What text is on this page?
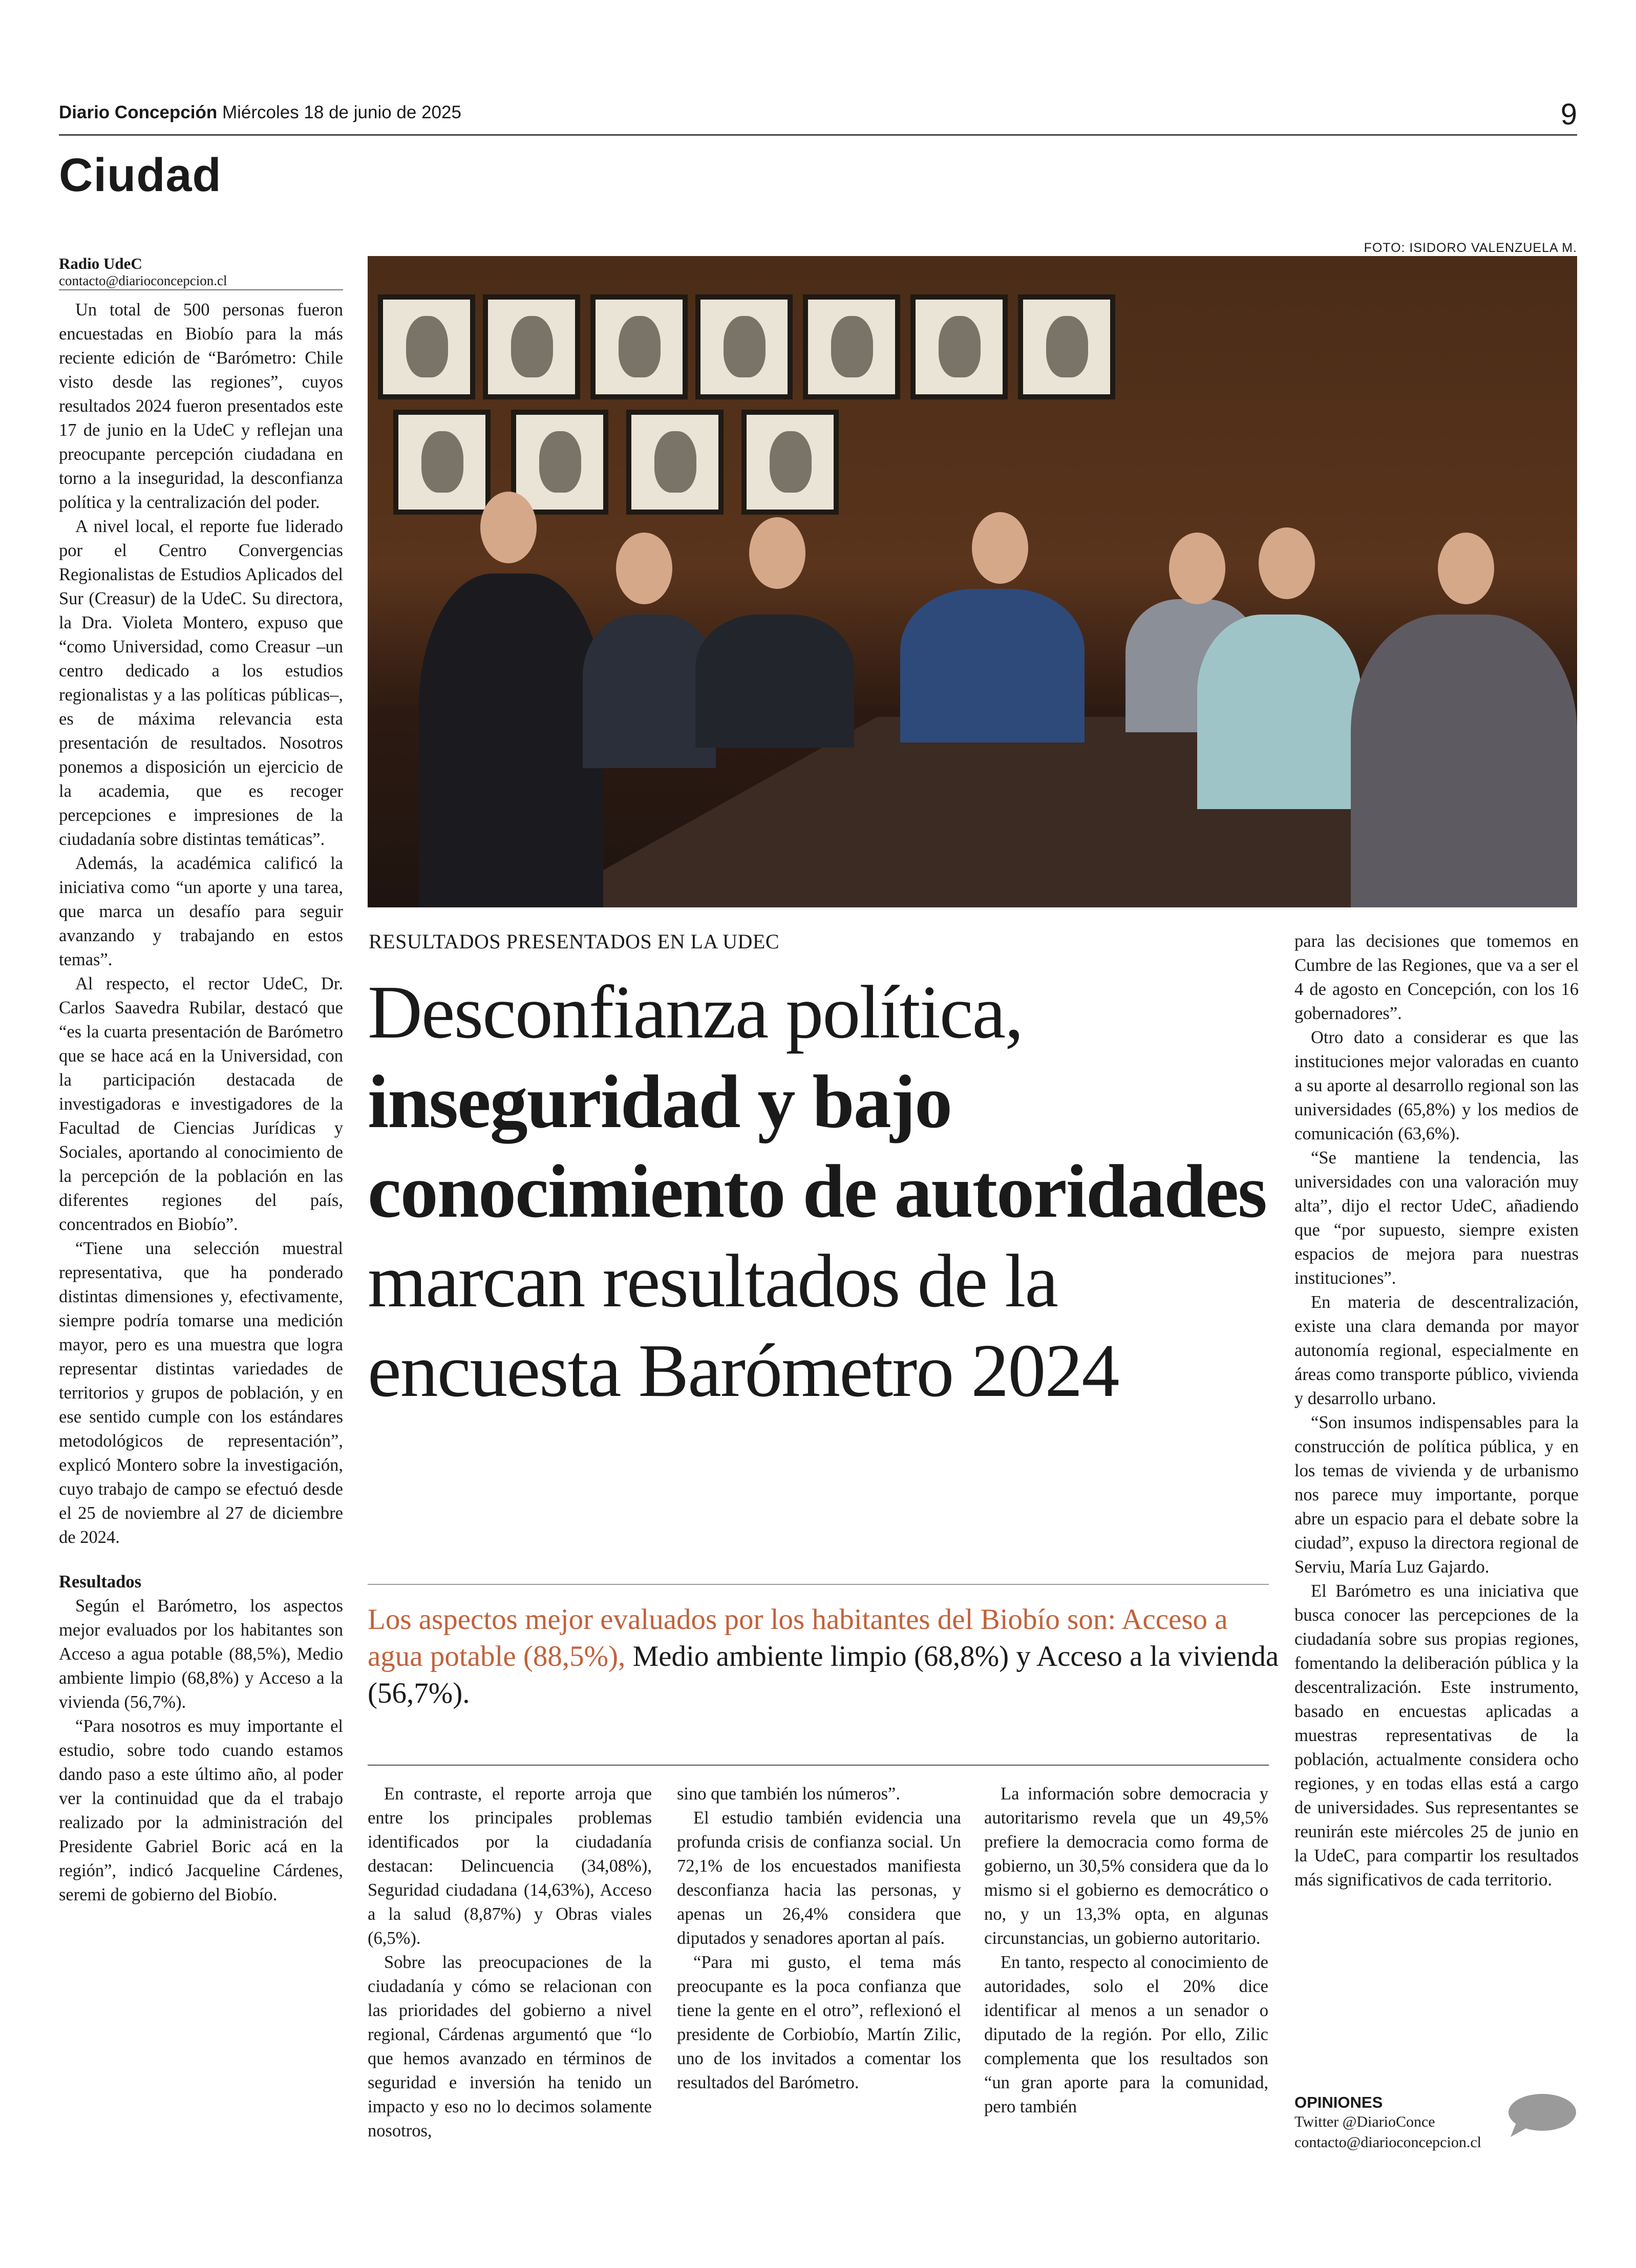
Diario Concepción Miércoles 18 de junio de 2025	9
Ciudad
Radio UdeC
contacto@diarioconcepcion.cl

Un total de 500 personas fueron encuestadas en Biobío para la más reciente edición de “Barómetro: Chile visto desde las regiones”, cuyos resultados 2024 fueron presentados este 17 de junio en la UdeC y reflejan una preocupante percepción ciudadana en torno a la inseguridad, la desconfianza política y la centralización del poder.

A nivel local, el reporte fue liderado por el Centro Convergencias Regionalistas de Estudios Aplicados del Sur (Creasur) de la UdeC. Su directora, la Dra. Violeta Montero, expuso que “como Universidad, como Creasur –un centro dedicado a los estudios regionalistas y a las políticas públicas–, es de máxima relevancia esta presentación de resultados. Nosotros ponemos a disposición un ejercicio de la academia, que es recoger percepciones e impresiones de la ciudadanía sobre distintas temáticas”.

Además, la académica calificó la iniciativa como “un aporte y una tarea, que marca un desafío para seguir avanzando y trabajando en estos temas”.

Al respecto, el rector UdeC, Dr. Carlos Saavedra Rubilar, destacó que “es la cuarta presentación de Barómetro que se hace acá en la Universidad, con la participación destacada de investigadoras e investigadores de la Facultad de Ciencias Jurídicas y Sociales, aportando al conocimiento de la percepción de la población en las diferentes regiones del país, concentrados en Biobío”.

“Tiene una selección muestral representativa, que ha ponderado distintas dimensiones y, efectivamente, siempre podría tomarse una medición mayor, pero es una muestra que logra representar distintas variedades de territorios y grupos de población, y en ese sentido cumple con los estándares metodológicos de representación”, explicó Montero sobre la investigación, cuyo trabajo de campo se efectuó desde el 25 de noviembre al 27 de diciembre de 2024.

Resultados

Según el Barómetro, los aspectos mejor evaluados por los habitantes son Acceso a agua potable (88,5%), Medio ambiente limpio (68,8%) y Acceso a la vivienda (56,7%).

“Para nosotros es muy importante el estudio, sobre todo cuando estamos dando paso a este último año, al poder ver la continuidad que da el trabajo realizado por la administración del Presidente Gabriel Boric acá en la región”, indicó Jacqueline Cárdenes, seremi de gobierno del Biobío.

FOTO: ISIDORO VALENZUELA M.
RESULTADOS PRESENTADOS EN LA UDEC
Desconfianza política, inseguridad y bajo conocimiento de autoridades marcan resultados de la encuesta Barómetro 2024
Los aspectos mejor evaluados por los habitantes del Biobío son: Acceso a agua potable (88,5%), Medio ambiente limpio (68,8%) y Acceso a la vivienda (56,7%).

En contraste, el reporte arroja que entre los principales problemas identificados por la ciudadanía destacan: Delincuencia (34,08%), Seguridad ciudadana (14,63%), Acceso a la salud (8,87%) y Obras viales (6,5%).

Sobre las preocupaciones de la ciudadanía y cómo se relacionan con las prioridades del gobierno a nivel regional, Cárdenas argumentó que “lo que hemos avanzado en términos de seguridad e inversión ha tenido un impacto y eso no lo decimos solamente nosotros,

sino que también los números”.

El estudio también evidencia una profunda crisis de confianza social. Un 72,1% de los encuestados manifiesta desconfianza hacia las personas, y apenas un 26,4% considera que diputados y senadores aportan al país.

“Para mi gusto, el tema más preocupante es la poca confianza que tiene la gente en el otro”, reflexionó el presidente de Corbiobío, Martín Zilic, uno de los invitados a comentar los resultados del Barómetro.

La información sobre democracia y autoritarismo revela que un 49,5% prefiere la democracia como forma de gobierno, un 30,5% considera que da lo mismo si el gobierno es democrático o no, y un 13,3% opta, en algunas circunstancias, un gobierno autoritario.

En tanto, respecto al conocimiento de autoridades, solo el 20% dice identificar al menos a un senador o diputado de la región. Por ello, Zilic complementa que los resultados son “un gran aporte para la comunidad, pero también

para las decisiones que tomemos en Cumbre de las Regiones, que va a ser el 4 de agosto en Concepción, con los 16 gobernadores”.

Otro dato a considerar es que las instituciones mejor valoradas en cuanto a su aporte al desarrollo regional son las universidades (65,8%) y los medios de comunicación (63,6%).

“Se mantiene la tendencia, las universidades con una valoración muy alta”, dijo el rector UdeC, añadiendo que “por supuesto, siempre existen espacios de mejora para nuestras instituciones”.

En materia de descentralización, existe una clara demanda por mayor autonomía regional, especialmente en áreas como transporte público, vivienda y desarrollo urbano.

“Son insumos indispensables para la construcción de política pública, y en los temas de vivienda y de urbanismo nos parece muy importante, porque abre un espacio para el debate sobre la ciudad”, expuso la directora regional de Serviu, María Luz Gajardo.

El Barómetro es una iniciativa que busca conocer las percepciones de la ciudadanía sobre sus propias regiones, fomentando la deliberación pública y la descentralización. Este instrumento, basado en encuestas aplicadas a muestras representativas de la población, actualmente considera ocho regiones, y en todas ellas está a cargo de universidades. Sus representantes se reunirán este miércoles 25 de junio en la UdeC, para compartir los resultados más significativos de cada territorio.

OPINIONES
Twitter @DiarioConce
contacto@diarioconcepcion.cl
